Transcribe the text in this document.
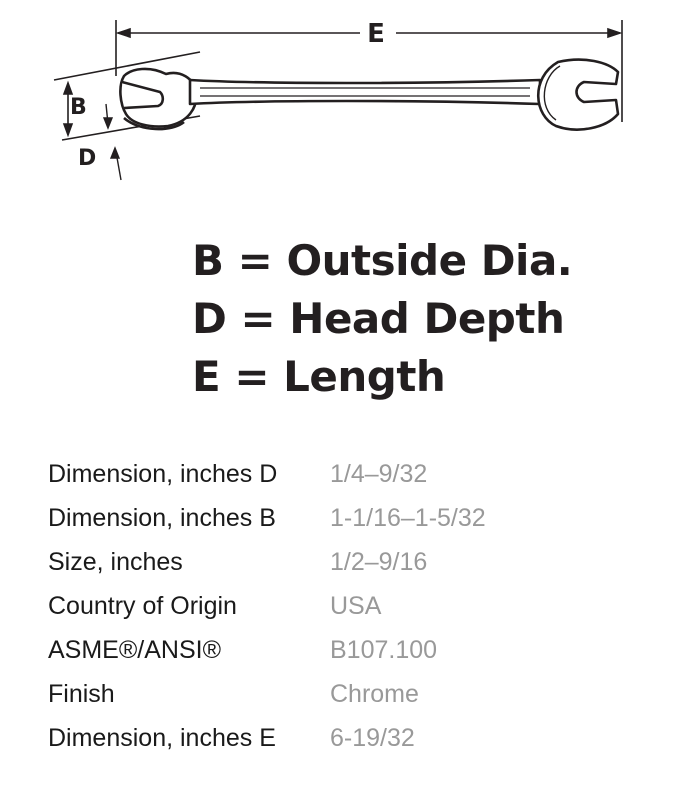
E
B
D
B = Outside Dia.
D = Head Depth
E = Length
Dimension, inches D	1/4–9/32
Dimension, inches B	1-1/16–1-5/32
Size, inches	1/2–9/16
Country of Origin	USA
ASME®/ANSI®	B107.100
Finish	Chrome
Dimension, inches E	6-19/32
